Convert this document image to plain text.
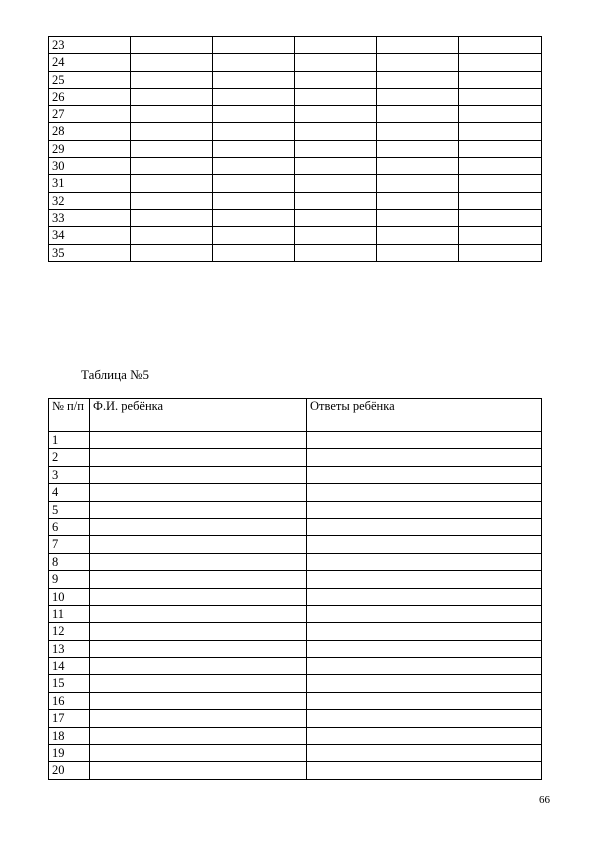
23					
24					
25					
26					
27					
28					
29					
30					
31					
32					
33					
34					
35					
Таблица №5
№ п/п	Ф.И. ребёнка	Ответы ребёнка
1		
2		
3		
4		
5		
6		
7		
8		
9		
10		
11		
12		
13		
14		
15		
16		
17		
18		
19		
20		
66
